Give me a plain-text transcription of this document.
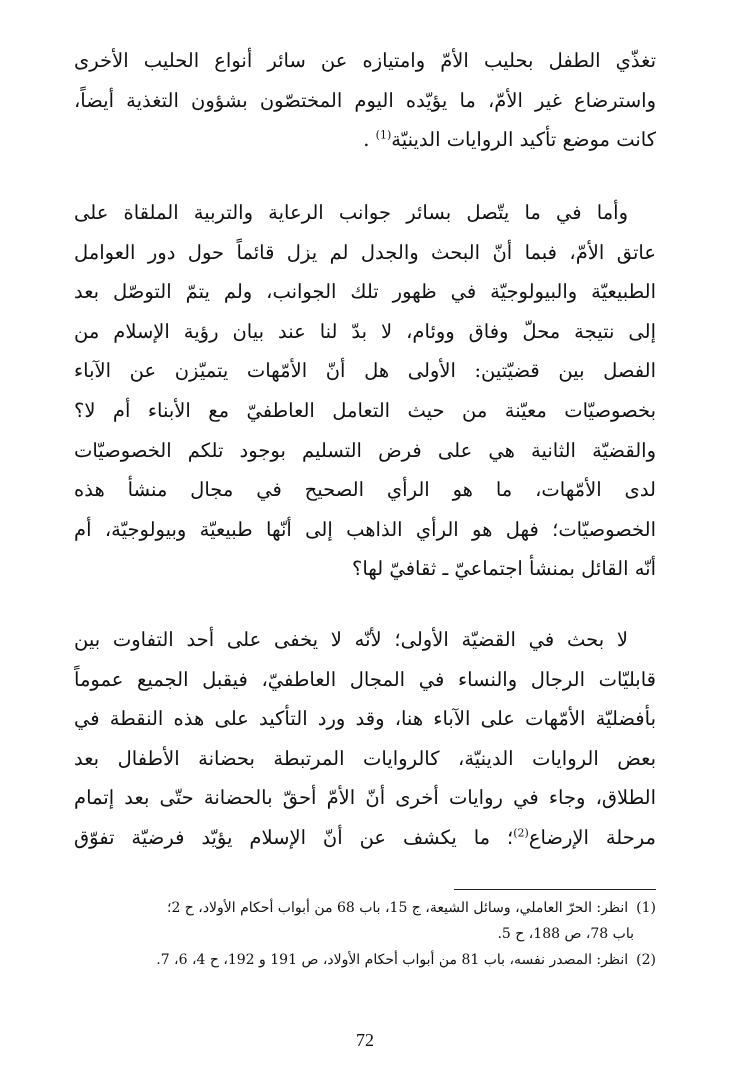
تغذّي الطفل بحليب الأمّ وامتيازه عن سائر أنواع الحليب الأخرى
واسترضاع غير الأمّ، ما يؤيّده اليوم المختصّون بشؤون التغذية أيضاً،
كانت موضع تأكيد الروايات الدينيّة$^{(1)}$ .
وأما في ما يتّصل بسائر جوانب الرعاية والتربية الملقاة على
عاتق الأمّ، فبما أنّ البحث والجدل لم يزل قائماً حول دور العوامل
الطبيعيّة والبيولوجيّة في ظهور تلك الجوانب، ولم يتمّ التوصّل بعد
إلى نتيجة محلّ وفاق ووئام، لا بدّ لنا عند بيان رؤية الإسلام من
الفصل بين قضيّتين: الأولى هل أنّ الأمّهات يتميّزن عن الآباء
بخصوصيّات معيّنة من حيث التعامل العاطفيّ مع الأبناء أم لا؟
والقضيّة الثانية هي على فرض التسليم بوجود تلكم الخصوصيّات
لدى الأمّهات، ما هو الرأي الصحيح في مجال منشأ هذه
الخصوصيّات؛ فهل هو الرأي الذاهب إلى أنّها طبيعيّة وبيولوجيّة، أم
أنّه القائل بمنشأ اجتماعيّ ـ ثقافيّ لها؟
لا بحث في القضيّة الأولى؛ لأنّه لا يخفى على أحد التفاوت بين
قابليّات الرجال والنساء في المجال العاطفيّ، فيقبل الجميع عموماً
بأفضليّة الأمّهات على الآباء هنا، وقد ورد التأكيد على هذه النقطة في
بعض الروايات الدينيّة، كالروايات المرتبطة بحضانة الأطفال بعد
الطلاق، وجاء في روايات أخرى أنّ الأمّ أحقّ بالحضانة حتّى بعد إتمام
مرحلة الإرضاع$^{(2)}$؛ ما يكشف عن أنّ الإسلام يؤيّد فرضيّة تفوّق
(1)انظر: الحرّ العاملي، وسائل الشيعة، ج 15، باب 68 من أبواب أحكام الأولاد، ح 2؛
باب 78، ص 188، ح 5.
(2)انظر: المصدر نفسه، باب 81 من أبواب أحكام الأولاد، ص 191 و 192، ح 4، 6، 7.
72
